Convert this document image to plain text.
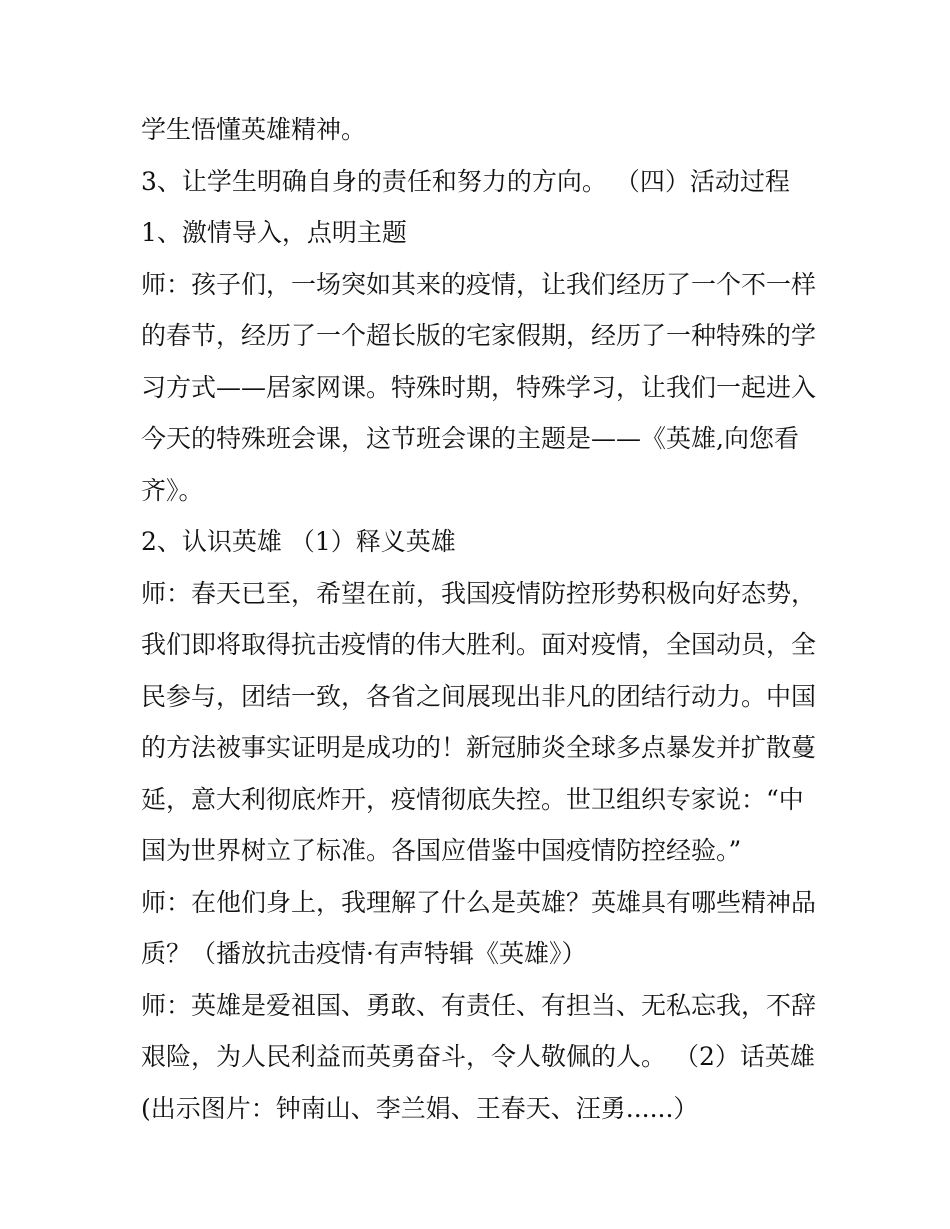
学生悟懂英雄精神。
3、让学生明确自身的责任和努力的方向。 （四）活动过程
1、激情导入，点明主题
师：孩子们，一场突如其来的疫情，让我们经历了一个不一样
的春节，经历了一个超长版的宅家假期，经历了一种特殊的学
习方式——居家网课。特殊时期，特殊学习，让我们一起进入
今天的特殊班会课，这节班会课的主题是——《英雄,向您看
齐》。
2、认识英雄 （1）释义英雄
师：春天已至，希望在前，我国疫情防控形势积极向好态势，
我们即将取得抗击疫情的伟大胜利。面对疫情，全国动员，全
民参与，团结一致，各省之间展现出非凡的团结行动力。中国
的方法被事实证明是成功的！新冠肺炎全球多点暴发并扩散蔓
延，意大利彻底炸开，疫情彻底失控。世卫组织专家说：“中
国为世界树立了标准。各国应借鉴中国疫情防控经验。”
师：在他们身上，我理解了什么是英雄？英雄具有哪些精神品
质？（播放抗击疫情·有声特辑《英雄》）
师：英雄是爱祖国、勇敢、有责任、有担当、无私忘我，不辞
艰险，为人民利益而英勇奋斗，令人敬佩的人。 （2）话英雄
(出示图片：钟南山、李兰娟、王春天、汪勇......）
